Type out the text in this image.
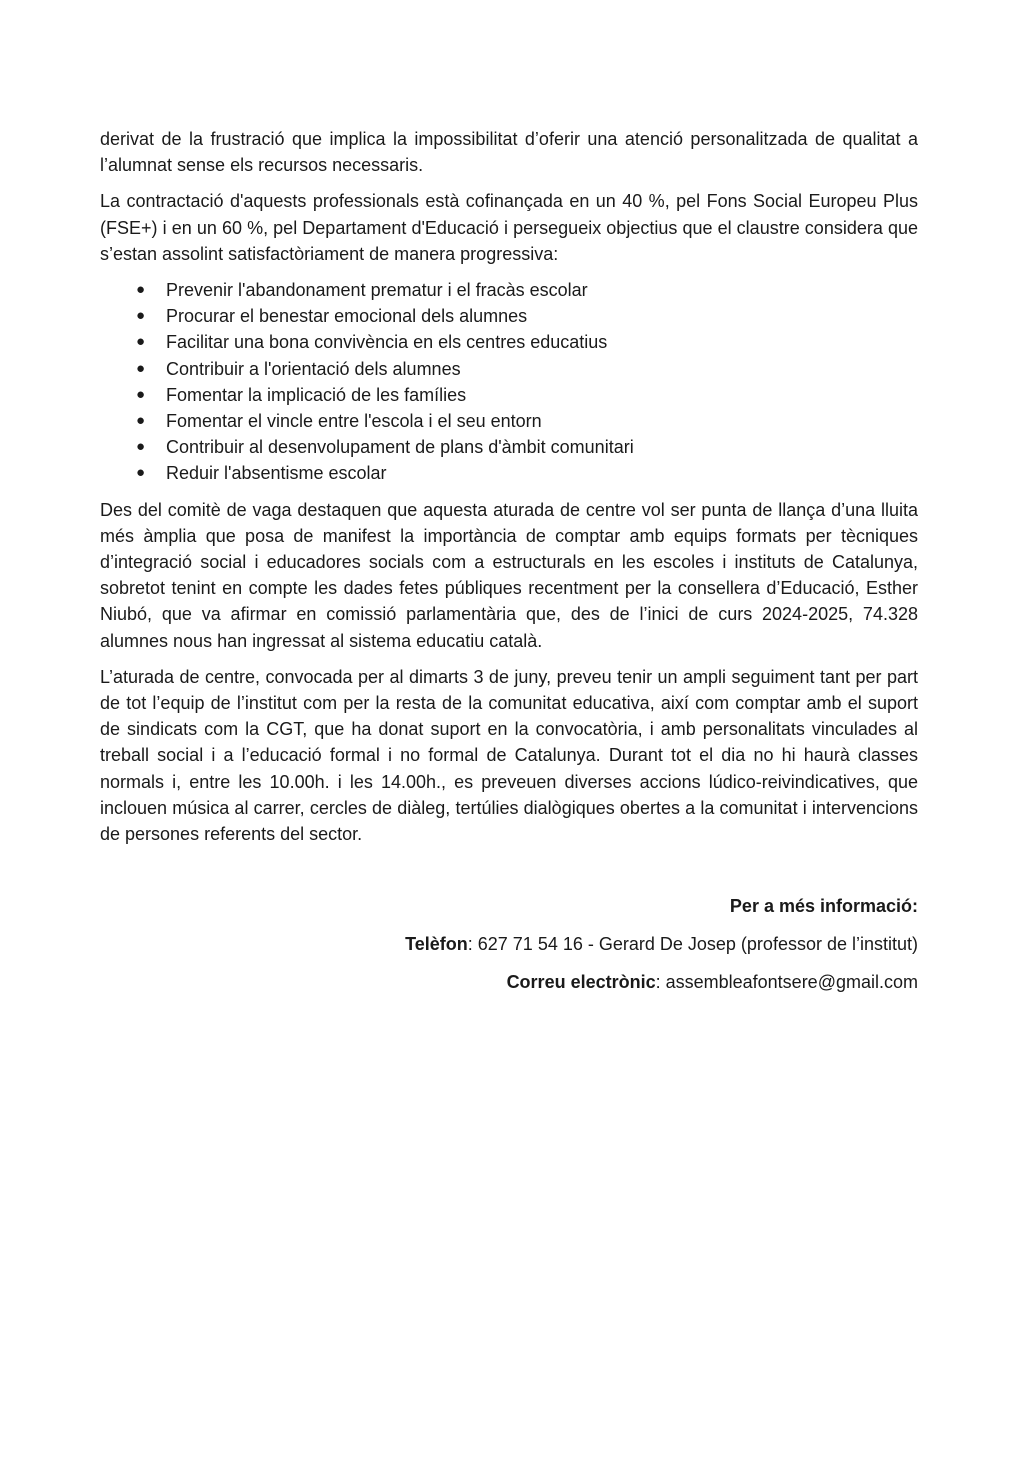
derivat de la frustració que implica la impossibilitat d’oferir una atenció personalitzada de qualitat a l’alumnat sense els recursos necessaris.

La contractació d'aquests professionals està cofinançada en un 40 %, pel Fons Social Europeu Plus (FSE+) i en un 60 %, pel Departament d'Educació i persegueix objectius que el claustre considera que s’estan assolint satisfactòriament de manera progressiva:

● Prevenir l'abandonament prematur i el fracàs escolar
● Procurar el benestar emocional dels alumnes
● Facilitar una bona convivència en els centres educatius
● Contribuir a l'orientació dels alumnes
● Fomentar la implicació de les famílies
● Fomentar el vincle entre l'escola i el seu entorn
● Contribuir al desenvolupament de plans d'àmbit comunitari
● Reduir l'absentisme escolar

Des del comitè de vaga destaquen que aquesta aturada de centre vol ser punta de llança d’una lluita més àmplia que posa de manifest la importància de comptar amb equips formats per tècniques d’integració social i educadores socials com a estructurals en les escoles i instituts de Catalunya, sobretot tenint en compte les dades fetes públiques recentment per la consellera d’Educació, Esther Niubó, que va afirmar en comissió parlamentària que, des de l’inici de curs 2024-2025, 74.328 alumnes nous han ingressat al sistema educatiu català.

L’aturada de centre, convocada per al dimarts 3 de juny, preveu tenir un ampli seguiment tant per part de tot l’equip de l’institut com per la resta de la comunitat educativa, així com comptar amb el suport de sindicats com la CGT, que ha donat suport en la convocatòria, i amb personalitats vinculades al treball social i a l’educació formal i no formal de Catalunya. Durant tot el dia no hi haurà classes normals i, entre les 10.00h. i les 14.00h., es preveuen diverses accions lúdico-reivindicatives, que inclouen música al carrer, cercles de diàleg, tertúlies dialògiques obertes a la comunitat i intervencions de persones referents del sector.

Per a més informació:
Telèfon: 627 71 54 16 - Gerard De Josep (professor de l’institut)
Correu electrònic: assembleafontsere@gmail.com
